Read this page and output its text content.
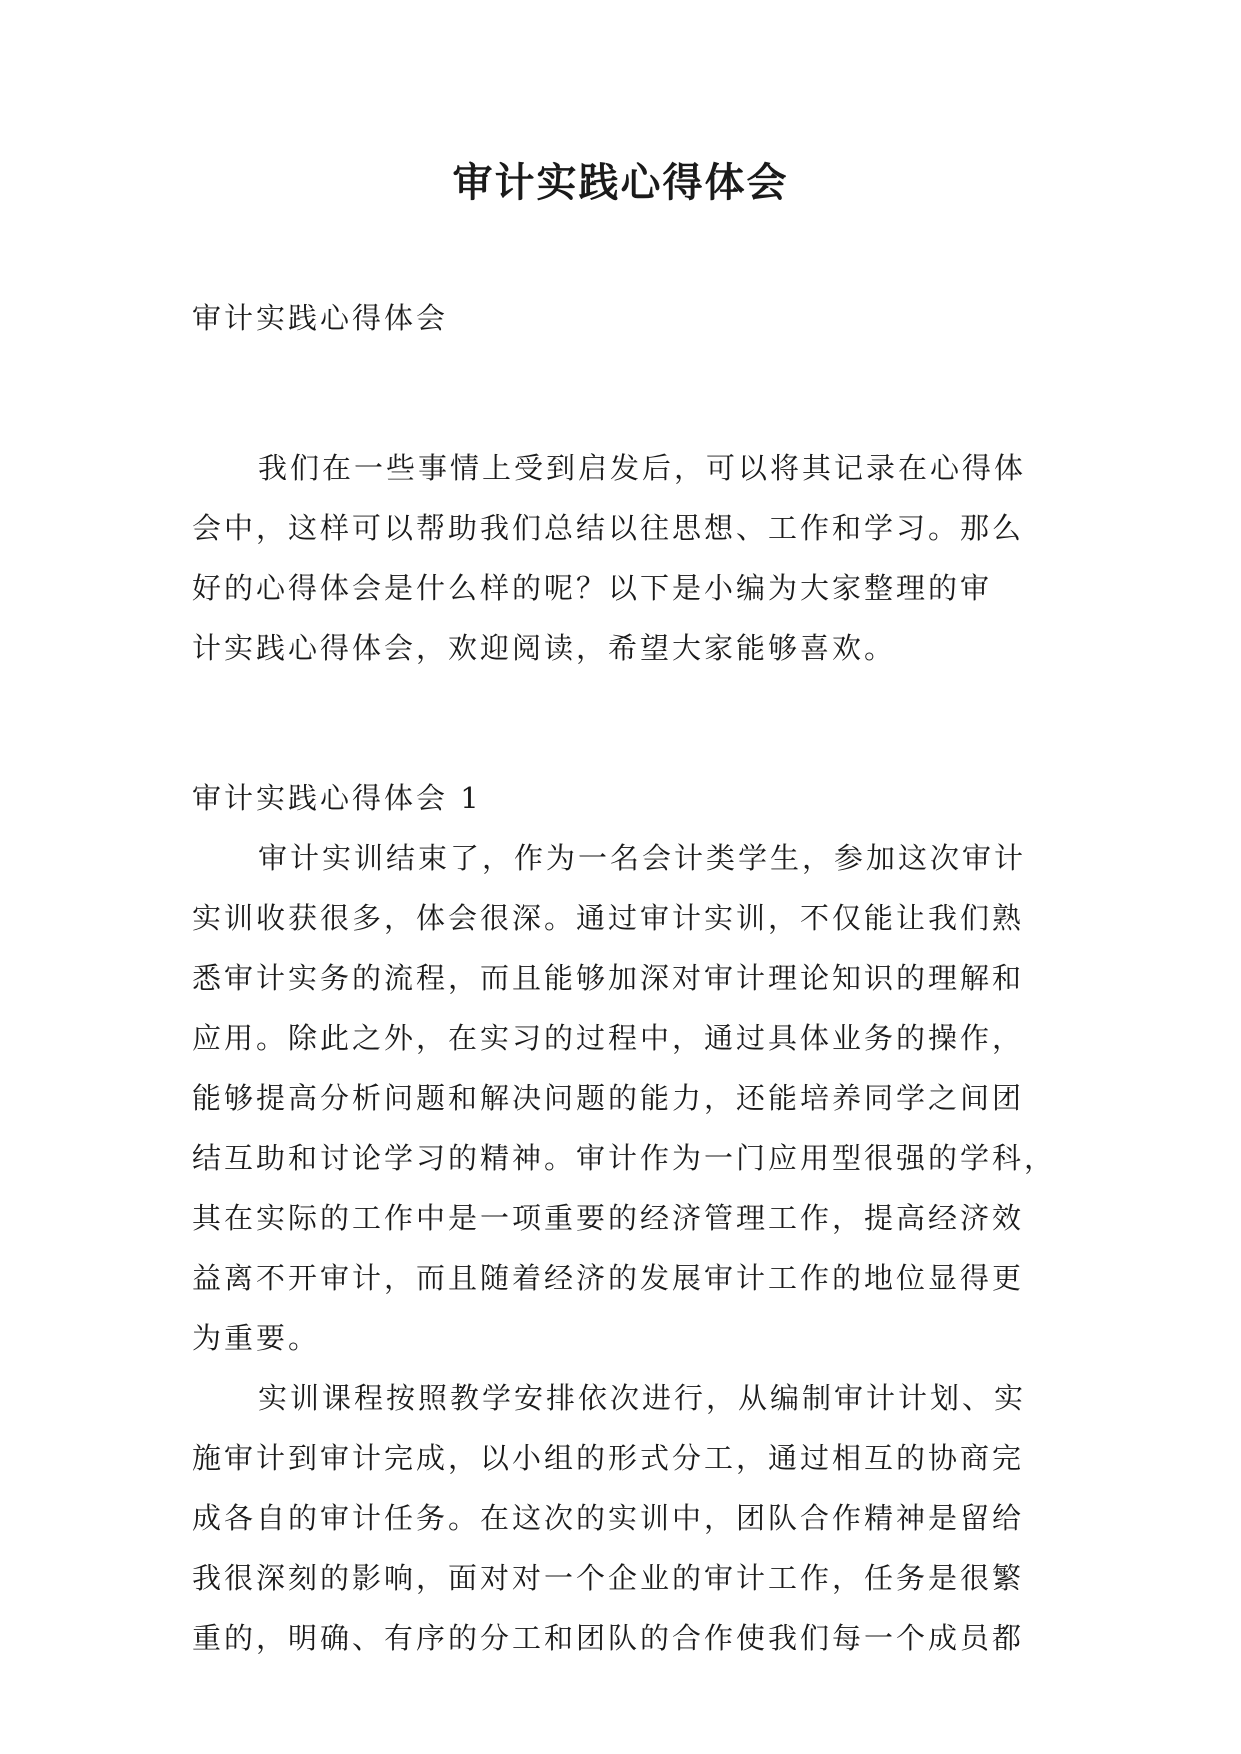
审计实践心得体会
审计实践心得体会
我们在一些事情上受到启发后，可以将其记录在心得体
会中，这样可以帮助我们总结以往思想、工作和学习。那么
好的心得体会是什么样的呢？以下是小编为大家整理的审
计实践心得体会，欢迎阅读，希望大家能够喜欢。
审计实践心得体会 1
审计实训结束了，作为一名会计类学生，参加这次审计
实训收获很多，体会很深。通过审计实训，不仅能让我们熟
悉审计实务的流程，而且能够加深对审计理论知识的理解和
应用。除此之外，在实习的过程中，通过具体业务的操作，
能够提高分析问题和解决问题的能力，还能培养同学之间团
结互助和讨论学习的精神。审计作为一门应用型很强的学科，
其在实际的工作中是一项重要的经济管理工作，提高经济效
益离不开审计，而且随着经济的发展审计工作的地位显得更
为重要。
实训课程按照教学安排依次进行，从编制审计计划、实
施审计到审计完成，以小组的形式分工，通过相互的协商完
成各自的审计任务。在这次的实训中，团队合作精神是留给
我很深刻的影响，面对对一个企业的审计工作，任务是很繁
重的，明确、有序的分工和团队的合作使我们每一个成员都
